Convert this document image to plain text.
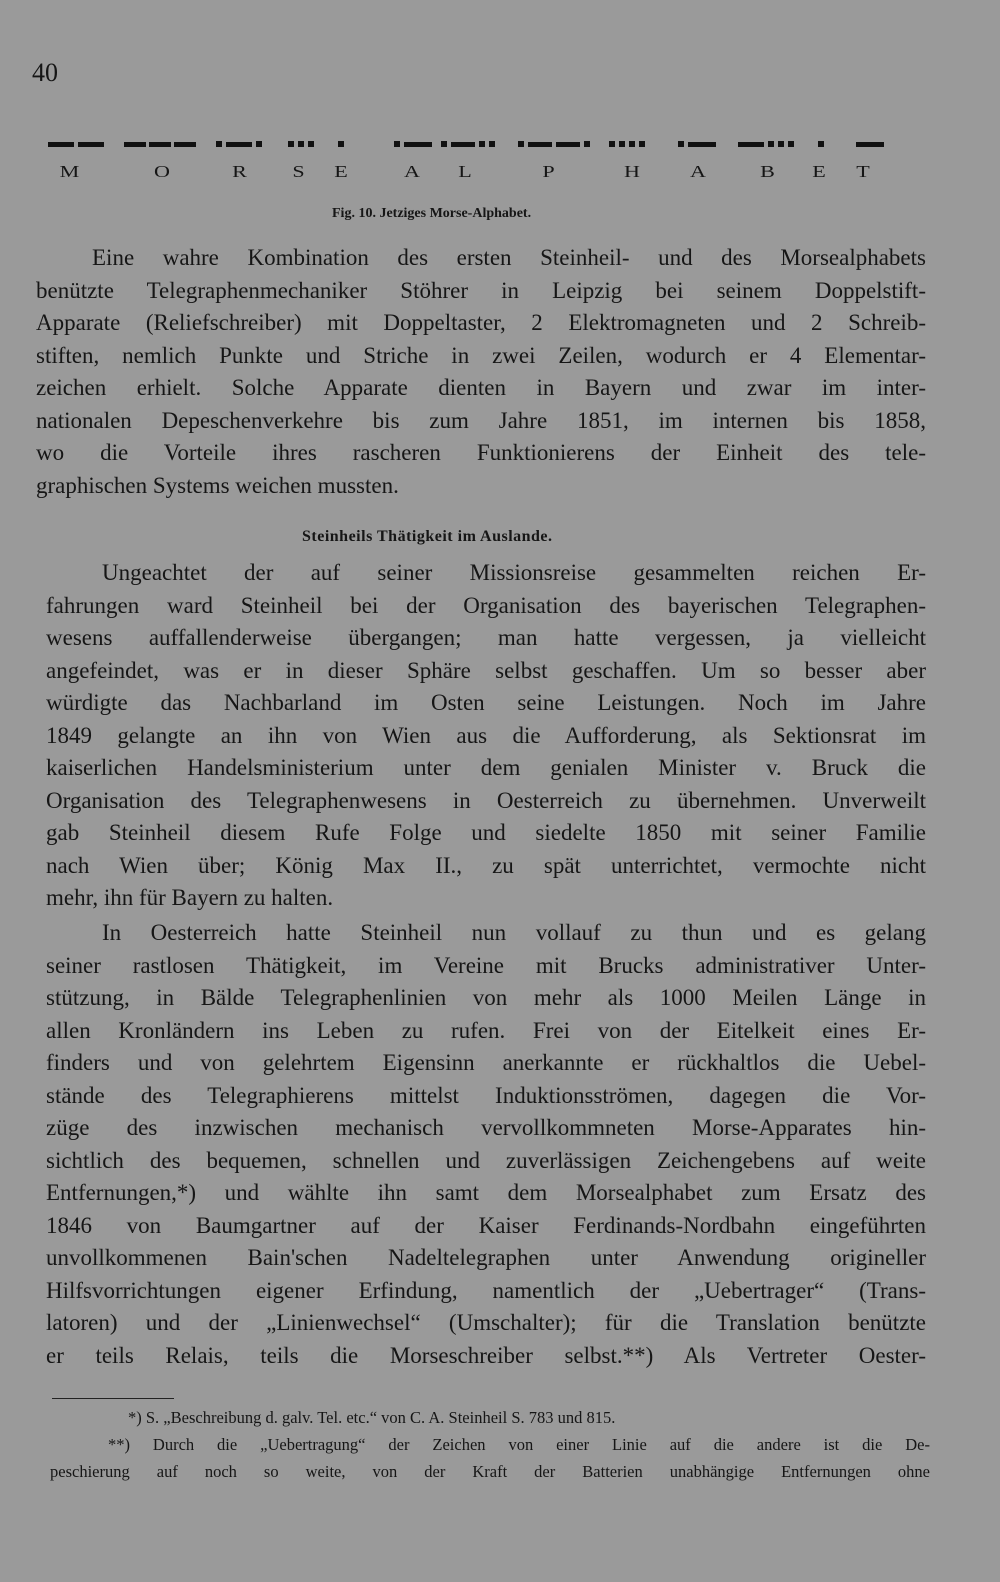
40
M	O	R	S E	A L	P	H	A	B E T
Fig. 10. Jetziges Morse-Alphabet.
Eine wahre Kombination des ersten Steinheil- und des Morsealphabets
benützte Telegraphenmechaniker Stöhrer in Leipzig bei seinem Doppelstift-
Apparate (Reliefschreiber) mit Doppeltaster, 2 Elektromagneten und 2 Schreib-
stiften, nemlich Punkte und Striche in zwei Zeilen, wodurch er 4 Elementar-
zeichen erhielt. Solche Apparate dienten in Bayern und zwar im inter-
nationalen Depeschenverkehre bis zum Jahre 1851, im internen bis 1858,
wo die Vorteile ihres rascheren Funktionierens der Einheit des tele-
graphischen Systems weichen mussten.
Steinheils Thätigkeit im Auslande.
Ungeachtet der auf seiner Missionsreise gesammelten reichen Er-
fahrungen ward Steinheil bei der Organisation des bayerischen Telegraphen-
wesens auffallenderweise übergangen; man hatte vergessen, ja vielleicht
angefeindet, was er in dieser Sphäre selbst geschaffen. Um so besser aber
würdigte das Nachbarland im Osten seine Leistungen. Noch im Jahre
1849 gelangte an ihn von Wien aus die Aufforderung, als Sektionsrat im
kaiserlichen Handelsministerium unter dem genialen Minister v. Bruck die
Organisation des Telegraphenwesens in Oesterreich zu übernehmen. Unverweilt
gab Steinheil diesem Rufe Folge und siedelte 1850 mit seiner Familie
nach Wien über; König Max II., zu spät unterrichtet, vermochte nicht
mehr, ihn für Bayern zu halten.
In Oesterreich hatte Steinheil nun vollauf zu thun und es gelang
seiner rastlosen Thätigkeit, im Vereine mit Brucks administrativer Unter-
stützung, in Bälde Telegraphenlinien von mehr als 1000 Meilen Länge in
allen Kronländern ins Leben zu rufen. Frei von der Eitelkeit eines Er-
finders und von gelehrtem Eigensinn anerkannte er rückhaltlos die Uebel-
stände des Telegraphierens mittelst Induktionsströmen, dagegen die Vor-
züge des inzwischen mechanisch vervollkommneten Morse-Apparates hin-
sichtlich des bequemen, schnellen und zuverlässigen Zeichengebens auf weite
Entfernungen,*) und wählte ihn samt dem Morsealphabet zum Ersatz des
1846 von Baumgartner auf der Kaiser Ferdinands-Nordbahn eingeführten
unvollkommenen Bain'schen Nadeltelegraphen unter Anwendung origineller
Hilfsvorrichtungen eigener Erfindung, namentlich der „Uebertrager“ (Trans-
latoren) und der „Linienwechsel“ (Umschalter); für die Translation benützte
er teils Relais, teils die Morseschreiber selbst.**) Als Vertreter Oester-
*) S. „Beschreibung d. galv. Tel. etc.“ von C. A. Steinheil S. 783 und 815.
**) Durch die „Uebertragung“ der Zeichen von einer Linie auf die andere ist die De-
peschierung auf noch so weite, von der Kraft der Batterien unabhängige Entfernungen ohne
